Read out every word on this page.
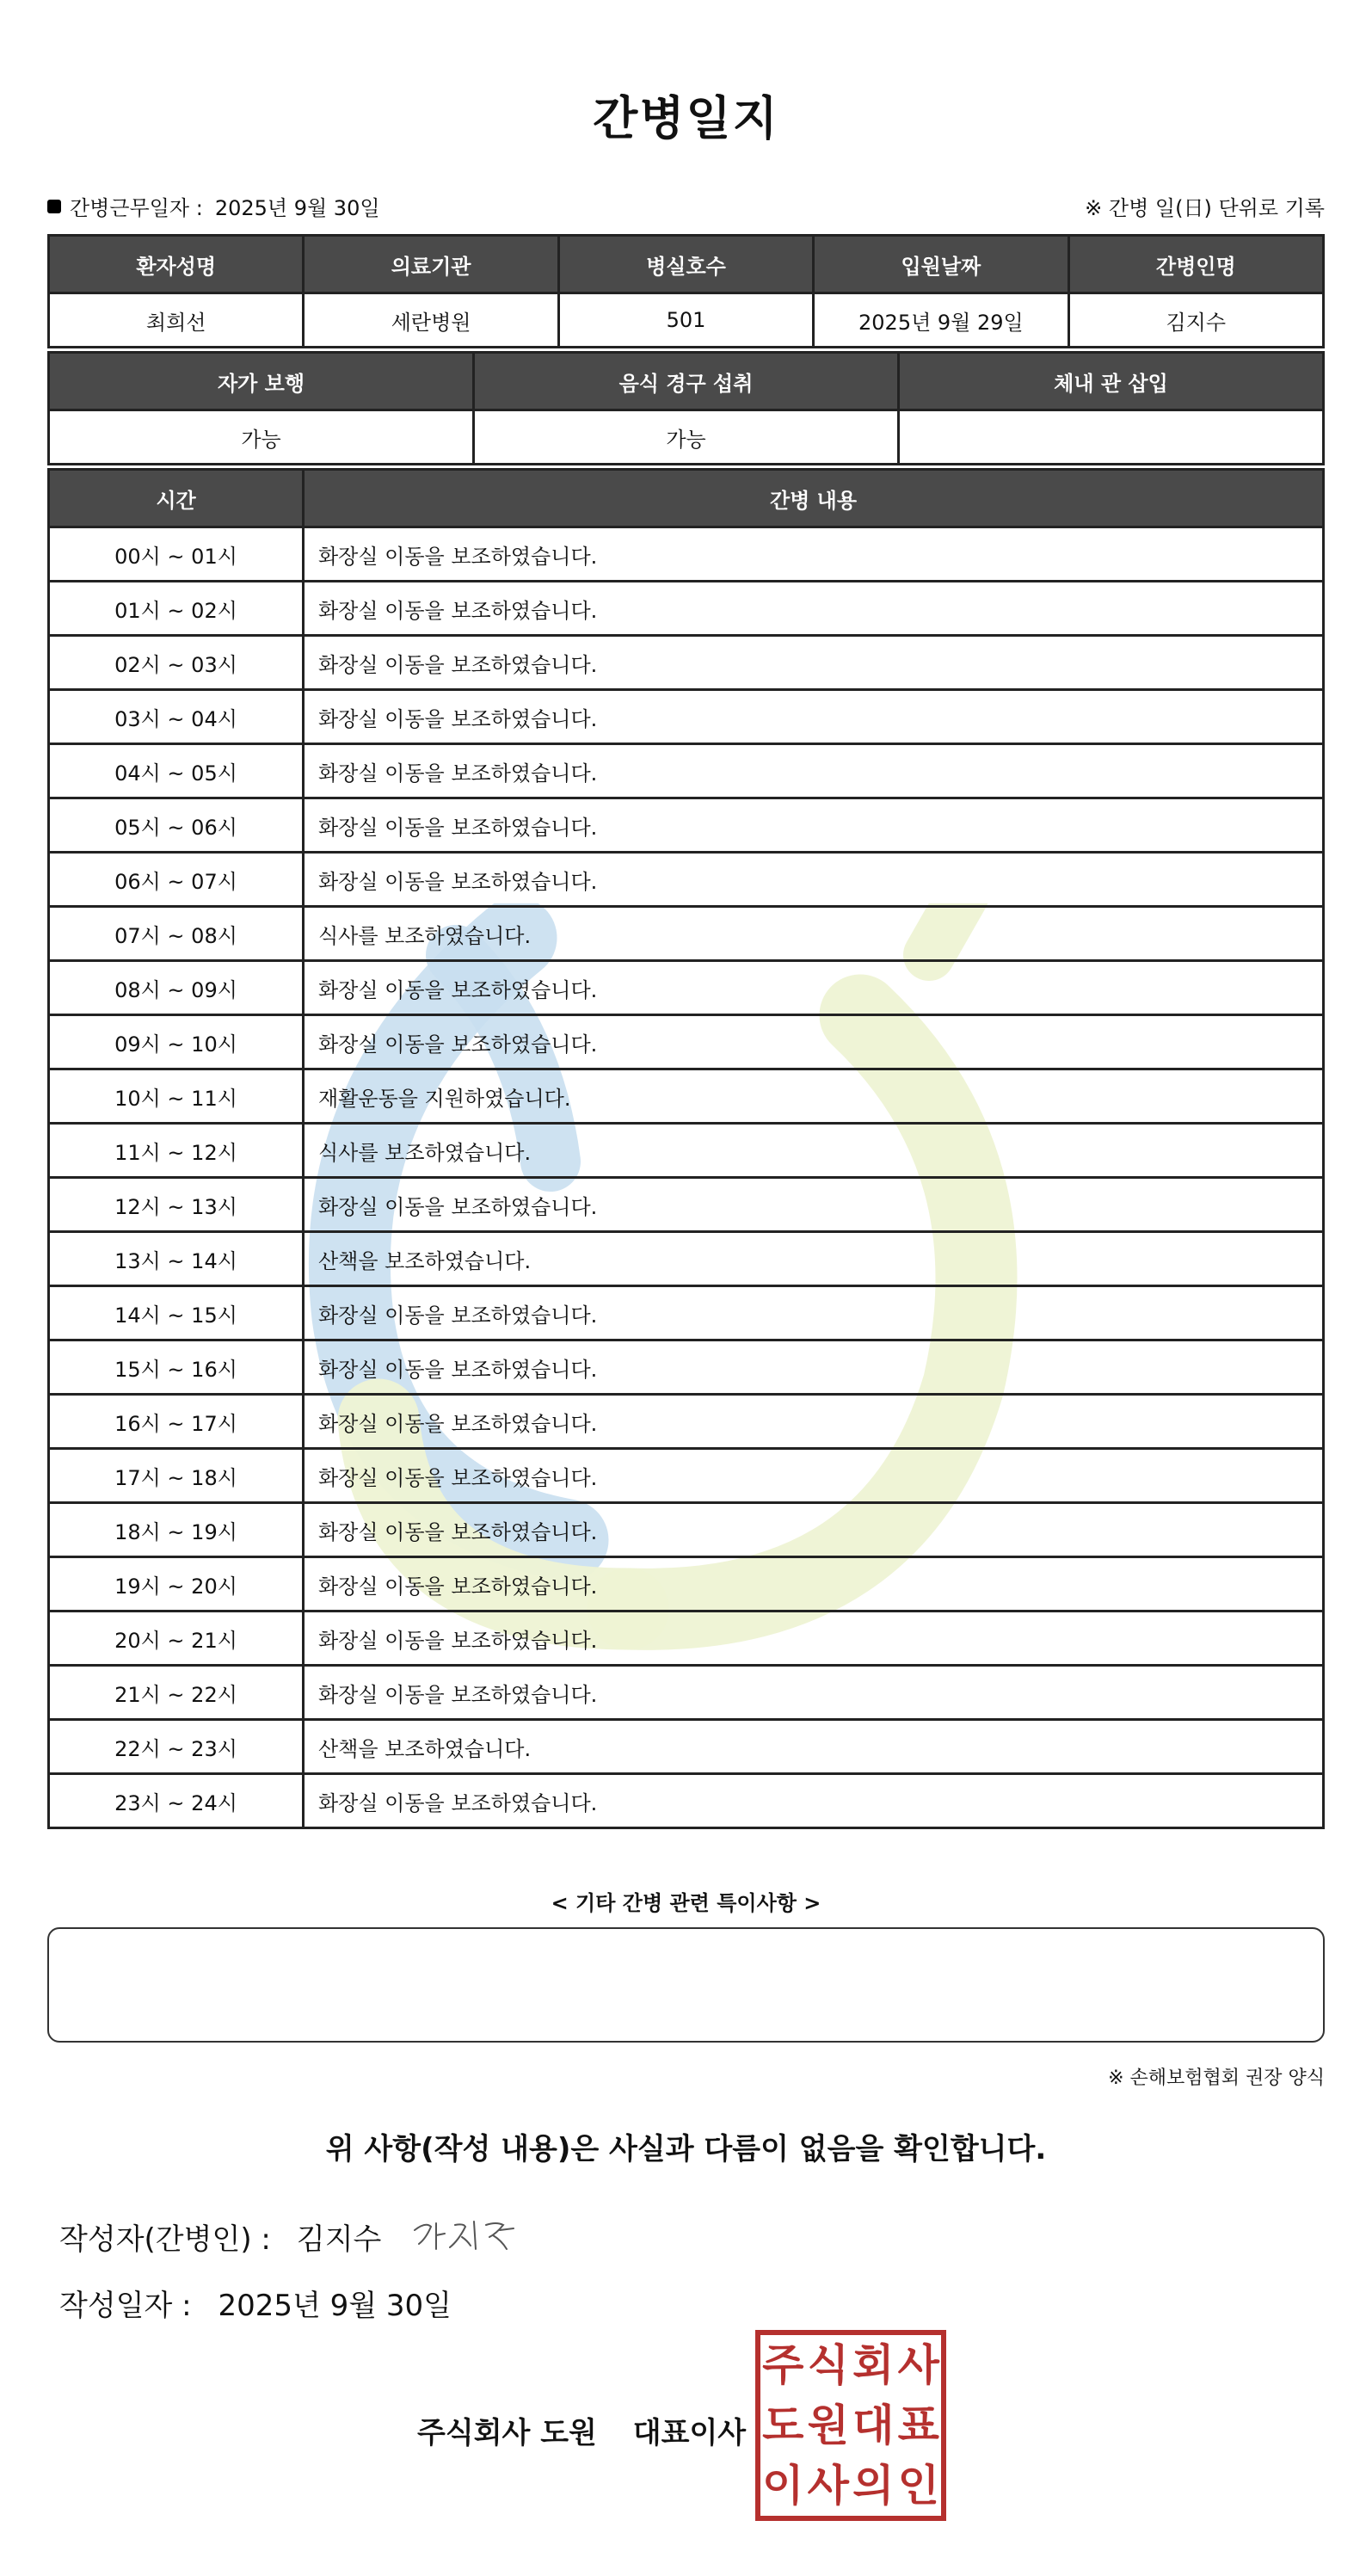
간병일지
간병근무일자 : 2025년 9월 30일	※ 간병 일(日) 단위로 기록
환자성명	의료기관	병실호수	입원날짜	간병인명
최희선	세란병원	501	2025년 9월 29일	김지수
자가 보행	음식 경구 섭취	체내 관 삽입
가능	가능	
시간	간병 내용
00시 ~ 01시	화장실 이동을 보조하였습니다.
01시 ~ 02시	화장실 이동을 보조하였습니다.
02시 ~ 03시	화장실 이동을 보조하였습니다.
03시 ~ 04시	화장실 이동을 보조하였습니다.
04시 ~ 05시	화장실 이동을 보조하였습니다.
05시 ~ 06시	화장실 이동을 보조하였습니다.
06시 ~ 07시	화장실 이동을 보조하였습니다.
07시 ~ 08시	식사를 보조하였습니다.
08시 ~ 09시	화장실 이동을 보조하였습니다.
09시 ~ 10시	화장실 이동을 보조하였습니다.
10시 ~ 11시	재활운동을 지원하였습니다.
11시 ~ 12시	식사를 보조하였습니다.
12시 ~ 13시	화장실 이동을 보조하였습니다.
13시 ~ 14시	산책을 보조하였습니다.
14시 ~ 15시	화장실 이동을 보조하였습니다.
15시 ~ 16시	화장실 이동을 보조하였습니다.
16시 ~ 17시	화장실 이동을 보조하였습니다.
17시 ~ 18시	화장실 이동을 보조하였습니다.
18시 ~ 19시	화장실 이동을 보조하였습니다.
19시 ~ 20시	화장실 이동을 보조하였습니다.
20시 ~ 21시	화장실 이동을 보조하였습니다.
21시 ~ 22시	화장실 이동을 보조하였습니다.
22시 ~ 23시	산책을 보조하였습니다.
23시 ~ 24시	화장실 이동을 보조하였습니다.
< 기타 간병 관련 특이사항 >
※ 손해보험협회 권장 양식
위 사항(작성 내용)은 사실과 다름이 없음을 확인합니다.
작성자(간병인) : 김지수
작성일자 : 2025년 9월 30일
주식회사 도원 대표이사
주 식 회 사
도 원 대 표
이 사 의 인
